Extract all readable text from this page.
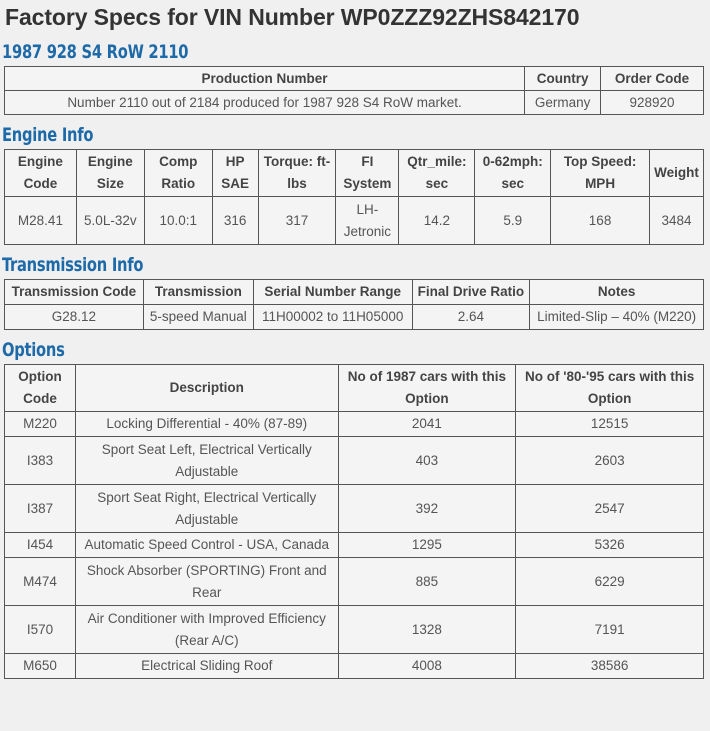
Factory Specs for VIN Number WP0ZZZ92ZHS842170
1987 928 S4 RoW 2110
Production Number	Country	Order Code
Number 2110 out of 2184 produced for 1987 928 S4 RoW market.	Germany	928920
Engine Info
Engine Code	Engine Size	Comp Ratio	HP SAE	Torque: ft-lbs	FI System	Qtr_mile: sec	0-62mph: sec	Top Speed: MPH	Weight
M28.41	5.0L-32v	10.0:1	316	317	LH-Jetronic	14.2	5.9	168	3484
Transmission Info
Transmission Code	Transmission	Serial Number Range	Final Drive Ratio	Notes
G28.12	5-speed Manual	11H00002 to 11H05000	2.64	Limited-Slip – 40% (M220)
Options
Option Code	Description	No of 1987 cars with this Option	No of '80-'95 cars with this Option
M220	Locking Differential - 40% (87-89)	2041	12515
I383	Sport Seat Left, Electrical Vertically Adjustable	403	2603
I387	Sport Seat Right, Electrical Vertically Adjustable	392	2547
I454	Automatic Speed Control - USA, Canada	1295	5326
M474	Shock Absorber (SPORTING) Front and Rear	885	6229
I570	Air Conditioner with Improved Efficiency (Rear A/C)	1328	7191
M650	Electrical Sliding Roof	4008	38586
